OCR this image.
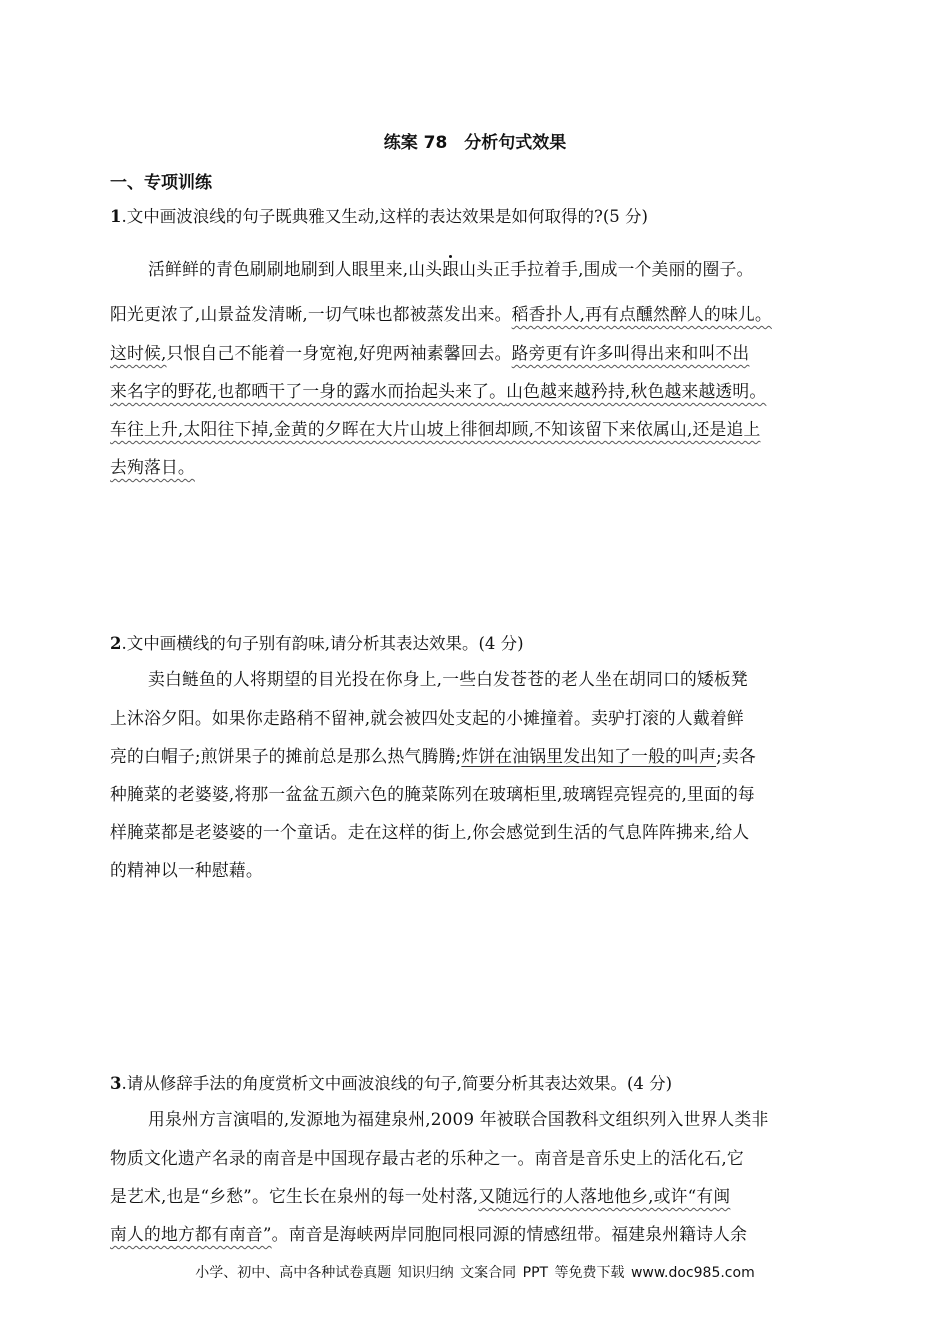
练案 78　分析句式效果
一、专项训练
1.文中画波浪线的句子既典雅又生动,这样的表达效果是如何取得的?(5 分)
活鲜鲜的青色刷刷地刷到人眼里来,山头跟山头正手拉着手,围成一个美丽的圈子。
阳光更浓了,山景益发清晰,一切气味也都被蒸发出来。稻香扑人,再有点醺然醉人的味儿。
这时候,只恨自己不能着一身宽袍,好兜两袖素馨回去。路旁更有许多叫得出来和叫不出
来名字的野花,也都晒干了一身的露水而抬起头来了。山色越来越矜持,秋色越来越透明。
车往上升,太阳往下掉,金黄的夕晖在大片山坡上徘徊却顾,不知该留下来依属山,还是追上
去殉落日。
2.文中画横线的句子别有韵味,请分析其表达效果。(4 分)
卖白鲢鱼的人将期望的目光投在你身上,一些白发苍苍的老人坐在胡同口的矮板凳
上沐浴夕阳。如果你走路稍不留神,就会被四处支起的小摊撞着。卖驴打滚的人戴着鲜
亮的白帽子;煎饼果子的摊前总是那么热气腾腾;炸饼在油锅里发出知了一般的叫声;卖各
种腌菜的老婆婆,将那一盆盆五颜六色的腌菜陈列在玻璃柜里,玻璃锃亮锃亮的,里面的每
样腌菜都是老婆婆的一个童话。走在这样的街上,你会感觉到生活的气息阵阵拂来,给人
的精神以一种慰藉。
3.请从修辞手法的角度赏析文中画波浪线的句子,简要分析其表达效果。(4 分)
用泉州方言演唱的,发源地为福建泉州,2009 年被联合国教科文组织列入世界人类非
物质文化遗产名录的南音是中国现存最古老的乐种之一。南音是音乐史上的活化石,它
是艺术,也是“乡愁”。它生长在泉州的每一处村落,又随远行的人落地他乡,或许“有闽
南人的地方都有南音”。南音是海峡两岸同胞同根同源的情感纽带。福建泉州籍诗人余
小学、初中、高中各种试卷真题 知识归纳 文案合同 PPT 等免费下载 www.doc985.com
